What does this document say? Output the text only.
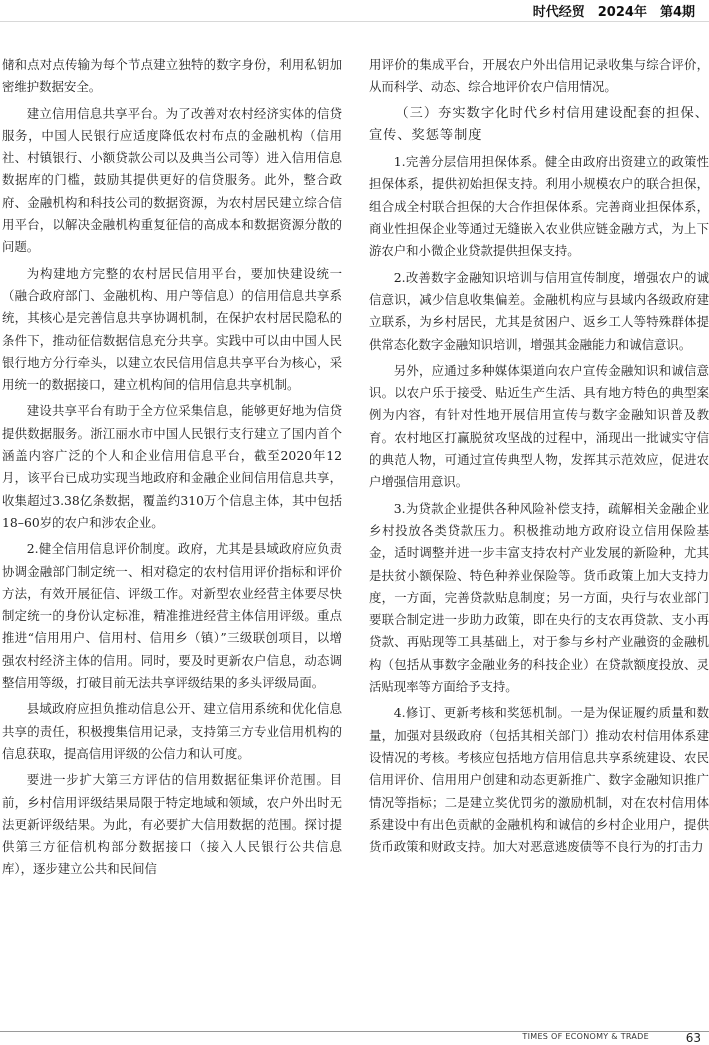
时代经贸　2024年　第4期

储和点对点传输为每个节点建立独特的数字身份，利用私钥加密维护数据安全。

建立信用信息共享平台。为了改善对农村经济实体的信贷服务，中国人民银行应适度降低农村布点的金融机构（信用社、村镇银行、小额贷款公司以及典当公司等）进入信用信息数据库的门槛，鼓励其提供更好的信贷服务。此外，整合政府、金融机构和科技公司的数据资源，为农村居民建立综合信用平台，以解决金融机构重复征信的高成本和数据资源分散的问题。

为构建地方完整的农村居民信用平台，要加快建设统一（融合政府部门、金融机构、用户等信息）的信用信息共享系统，其核心是完善信息共享协调机制，在保护农村居民隐私的条件下，推动征信数据信息充分共享。实践中可以由中国人民银行地方分行牵头，以建立农民信用信息共享平台为核心，采用统一的数据接口，建立机构间的信用信息共享机制。

建设共享平台有助于全方位采集信息，能够更好地为信贷提供数据服务。浙江丽水市中国人民银行支行建立了国内首个涵盖内容广泛的个人和企业信用信息平台，截至2020年12月，该平台已成功实现当地政府和金融企业间信用信息共享，收集超过3.38亿条数据，覆盖约310万个信息主体，其中包括18–60岁的农户和涉农企业。

2.健全信用信息评价制度。政府，尤其是县域政府应负责协调金融部门制定统一、相对稳定的农村信用评价指标和评价方法，有效开展征信、评级工作。对新型农业经营主体要尽快制定统一的身份认定标准，精准推进经营主体信用评级。重点推进“信用用户、信用村、信用乡（镇）”三级联创项目，以增强农村经济主体的信用。同时，要及时更新农户信息，动态调整信用等级，打破目前无法共享评级结果的多头评级局面。

县域政府应担负推动信息公开、建立信用系统和优化信息共享的责任，积极搜集信用记录，支持第三方专业信用机构的信息获取，提高信用评级的公信力和认可度。

要进一步扩大第三方评估的信用数据征集评价范围。目前，乡村信用评级结果局限于特定地域和领域，农户外出时无法更新评级结果。为此，有必要扩大信用数据的范围。探讨提供第三方征信机构部分数据接口（接入人民银行公共信息库），逐步建立公共和民间信

用评价的集成平台，开展农户外出信用记录收集与综合评价，从而科学、动态、综合地评价农户信用情况。

（三）夯实数字化时代乡村信用建设配套的担保、宣传、奖惩等制度

1.完善分层信用担保体系。健全由政府出资建立的政策性担保体系，提供初始担保支持。利用小规模农户的联合担保，组合成全村联合担保的大合作担保体系。完善商业担保体系，商业性担保企业等通过无缝嵌入农业供应链金融方式，为上下游农户和小微企业贷款提供担保支持。

2.改善数字金融知识培训与信用宣传制度，增强农户的诚信意识，减少信息收集偏差。金融机构应与县域内各级政府建立联系，为乡村居民，尤其是贫困户、返乡工人等特殊群体提供常态化数字金融知识培训，增强其金融能力和诚信意识。

另外，应通过多种媒体渠道向农户宣传金融知识和诚信意识。以农户乐于接受、贴近生产生活、具有地方特色的典型案例为内容，有针对性地开展信用宣传与数字金融知识普及教育。农村地区打赢脱贫攻坚战的过程中，涌现出一批诚实守信的典范人物，可通过宣传典型人物，发挥其示范效应，促进农户增强信用意识。

3.为贷款企业提供各种风险补偿支持，疏解相关金融企业乡村投放各类贷款压力。积极推动地方政府设立信用保险基金，适时调整并进一步丰富支持农村产业发展的新险种，尤其是扶贫小额保险、特色种养业保险等。货币政策上加大支持力度，一方面，完善贷款贴息制度；另一方面，央行与农业部门要联合制定进一步助力政策，即在央行的支农再贷款、支小再贷款、再贴现等工具基础上，对于参与乡村产业融资的金融机构（包括从事数字金融业务的科技企业）在贷款额度投放、灵活贴现率等方面给予支持。

4.修订、更新考核和奖惩机制。一是为保证履约质量和数量，加强对县级政府（包括其相关部门）推动农村信用体系建设情况的考核。考核应包括地方信用信息共享系统建设、农民信用评价、信用用户创建和动态更新推广、数字金融知识推广情况等指标；二是建立奖优罚劣的激励机制，对在农村信用体系建设中有出色贡献的金融机构和诚信的乡村企业用户，提供货币政策和财政支持。加大对恶意逃废债等不良行为的打击力

TIMES OF ECONOMY & TRADE	63
